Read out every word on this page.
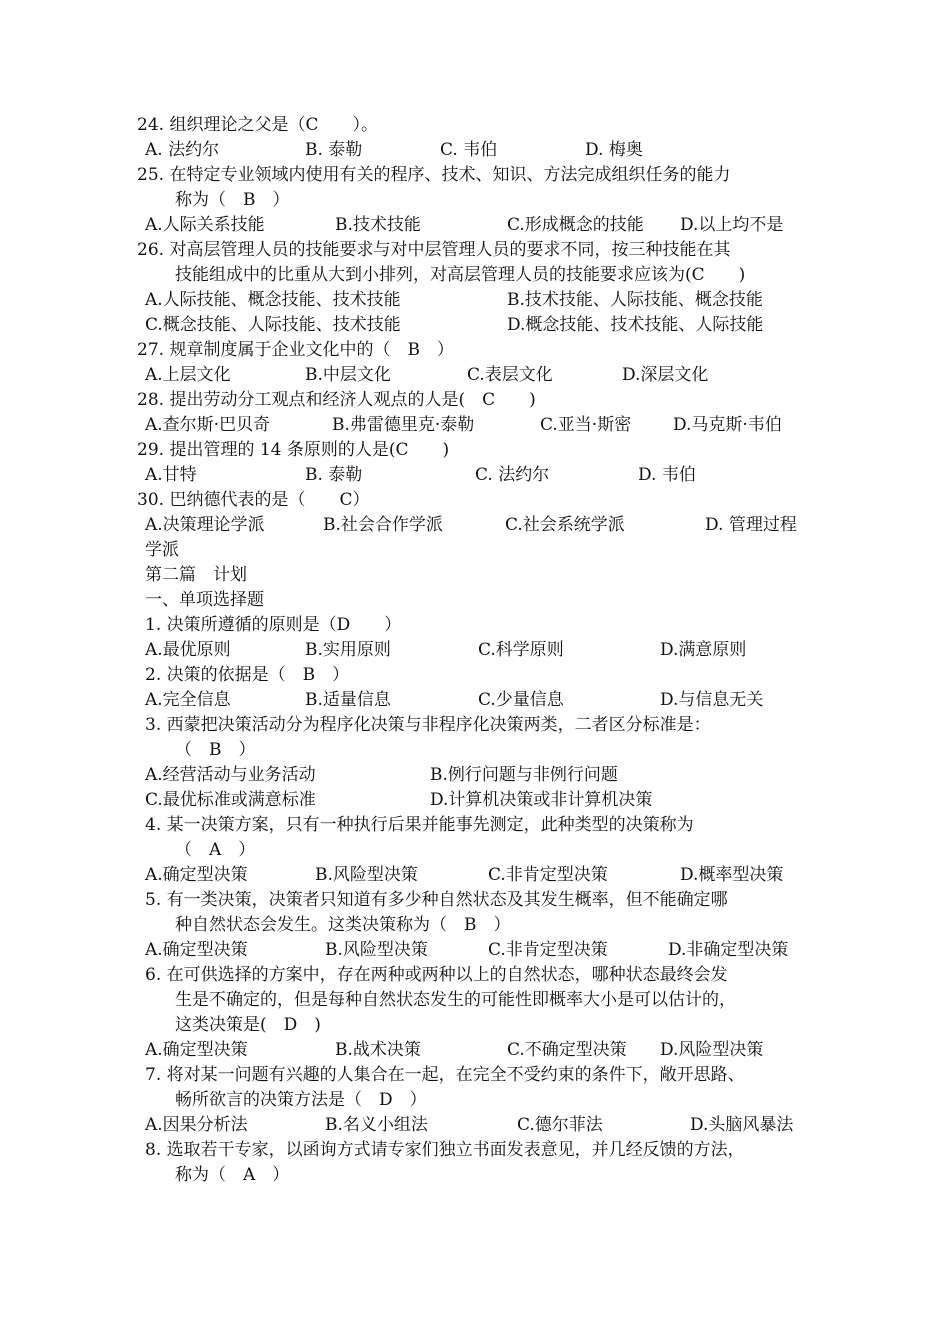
24. 组织理论之父是（C　　）。
A. 法约尔	B. 泰勒	C. 韦伯	D. 梅奥
25. 在特定专业领域内使用有关的程序、技术、知识、方法完成组织任务的能力
称为（　B　）
A.人际关系技能	B.技术技能	C.形成概念的技能 D.以上均不是
26. 对高层管理人员的技能要求与对中层管理人员的要求不同，按三种技能在其
技能组成中的比重从大到小排列，对高层管理人员的技能要求应该为(C　　)
A.人际技能、概念技能、技术技能	B.技术技能、人际技能、概念技能
C.概念技能、人际技能、技术技能	D.概念技能、技术技能、人际技能
27. 规章制度属于企业文化中的（　B　）
A.上层文化	B.中层文化	C.表层文化	D.深层文化
28. 提出劳动分工观点和经济人观点的人是(　C　　)
A.查尔斯·巴贝奇	B.弗雷德里克·泰勒	C.亚当·斯密 D.马克斯·韦伯
29. 提出管理的 14 条原则的人是(C　　)
A.甘特	B. 泰勒	C. 法约尔	D. 韦伯
30. 巴纳德代表的是（　　C）
A.决策理论学派	B.社会合作学派	C.社会系统学派	D. 管理过程
学派
第二篇　计划
一、单项选择题
1. 决策所遵循的原则是（D　　）
A.最优原则	B.实用原则	C.科学原则	D.满意原则
2. 决策的依据是（　B　）
A.完全信息	B.适量信息	C.少量信息	D.与信息无关
3. 西蒙把决策活动分为程序化决策与非程序化决策两类，二者区分标准是：
（　B　）
A.经营活动与业务活动	B.例行问题与非例行问题
C.最优标准或满意标准	D.计算机决策或非计算机决策
4. 某一决策方案，只有一种执行后果并能事先测定，此种类型的决策称为
（　A　）
A.确定型决策	B.风险型决策	C.非肯定型决策	D.概率型决策
5. 有一类决策，决策者只知道有多少种自然状态及其发生概率，但不能确定哪
种自然状态会发生。这类决策称为（　B　）
A.确定型决策	B.风险型决策	C.非肯定型决策	D.非确定型决策
6. 在可供选择的方案中，存在两种或两种以上的自然状态，哪种状态最终会发
生是不确定的，但是每种自然状态发生的可能性即概率大小是可以估计的，
这类决策是(　D　)
A.确定型决策	B.战术决策	C.不确定型决策 D.风险型决策
7. 将对某一问题有兴趣的人集合在一起，在完全不受约束的条件下，敞开思路、
畅所欲言的决策方法是（　D　）
A.因果分析法	B.名义小组法	C.德尔菲法	D.头脑风暴法
8. 选取若干专家，以函询方式请专家们独立书面发表意见，并几经反馈的方法，
称为（　A　）
